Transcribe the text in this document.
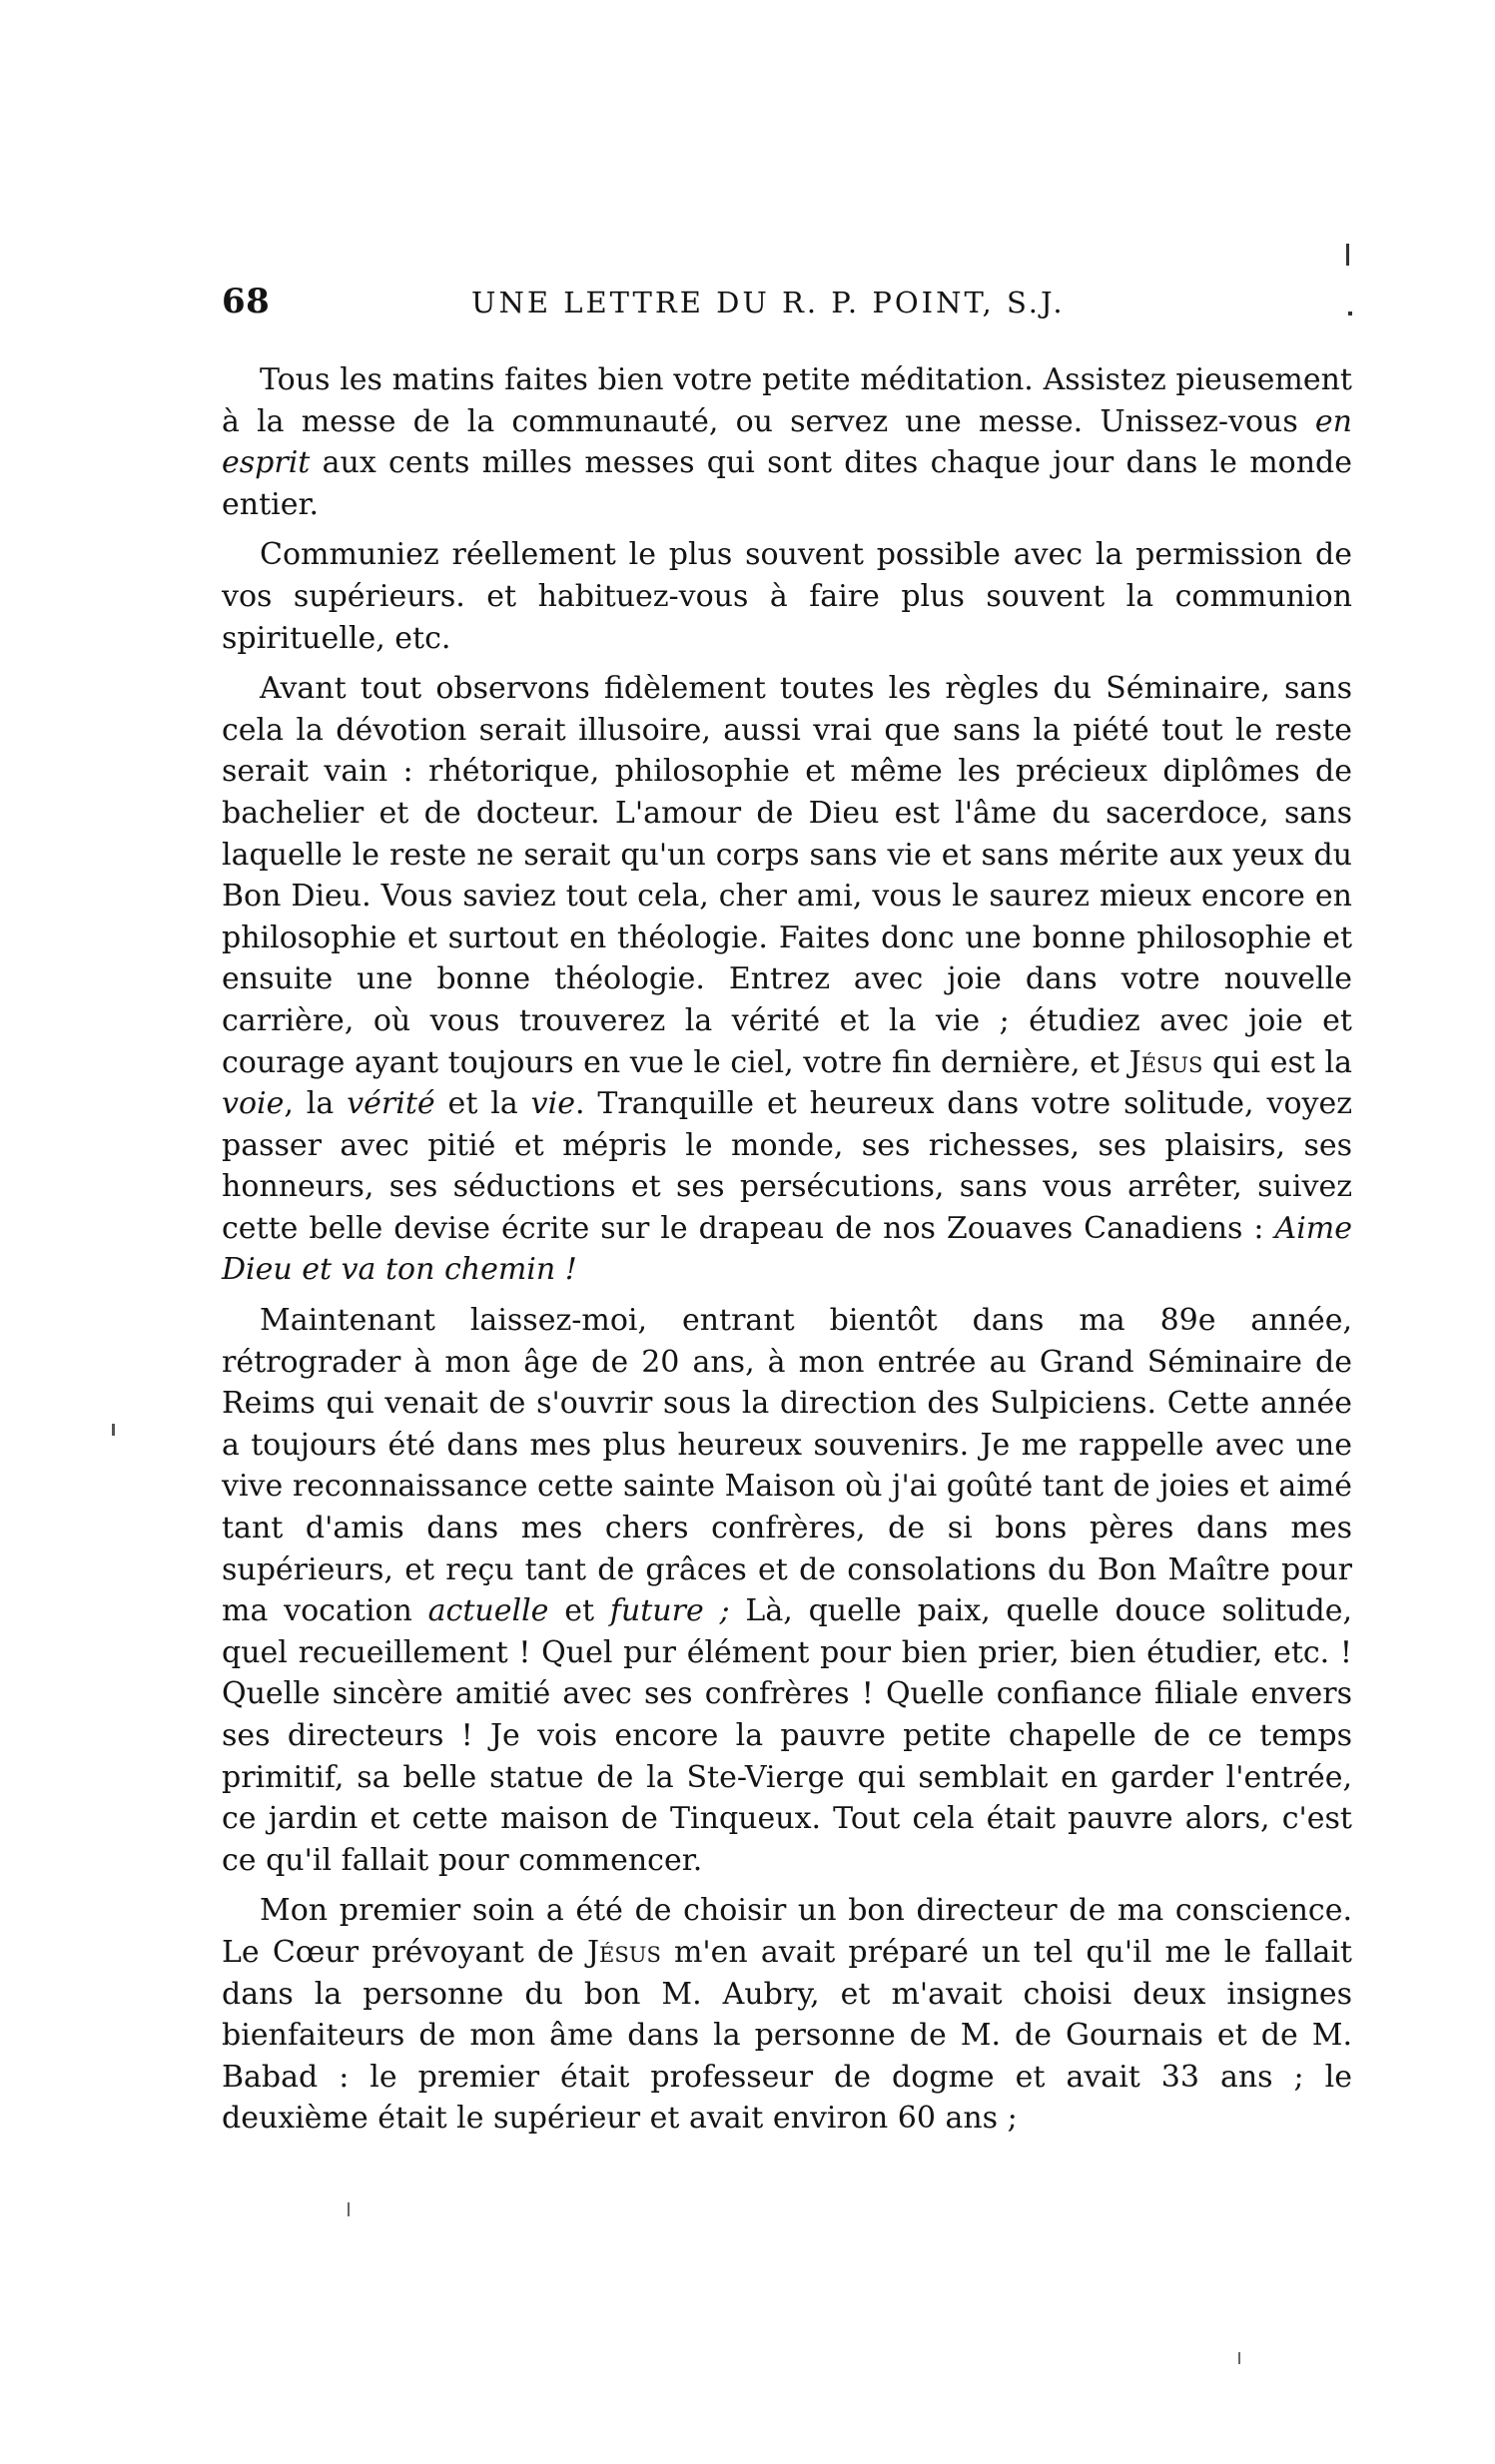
68	UNE LETTRE DU R. P. POINT, S.J.

Tous les matins faites bien votre petite méditation. Assistez pieusement à la messe de la communauté, ou servez une messe. Unissez-vous en esprit aux cents milles messes qui sont dites chaque jour dans le monde entier.

Communiez réellement le plus souvent possible avec la permission de vos supérieurs. et habituez-vous à faire plus souvent la communion spirituelle, etc.

Avant tout observons fidèlement toutes les règles du Séminaire, sans cela la dévotion serait illusoire, aussi vrai que sans la piété tout le reste serait vain : rhétorique, philosophie et même les précieux diplômes de bachelier et de docteur. L'amour de Dieu est l'âme du sacerdoce, sans laquelle le reste ne serait qu'un corps sans vie et sans mérite aux yeux du Bon Dieu. Vous saviez tout cela, cher ami, vous le saurez mieux encore en philosophie et surtout en théologie. Faites donc une bonne philosophie et ensuite une bonne théologie. Entrez avec joie dans votre nouvelle carrière, où vous trouverez la vérité et la vie ; étudiez avec joie et courage ayant toujours en vue le ciel, votre fin dernière, et Jésus qui est la voie, la vérité et la vie. Tranquille et heureux dans votre solitude, voyez passer avec pitié et mépris le monde, ses richesses, ses plaisirs, ses honneurs, ses séductions et ses persécutions, sans vous arrêter, suivez cette belle devise écrite sur le drapeau de nos Zouaves Canadiens : Aime Dieu et va ton chemin !

Maintenant laissez-moi, entrant bientôt dans ma 89e année, rétrograder à mon âge de 20 ans, à mon entrée au Grand Séminaire de Reims qui venait de s'ouvrir sous la direction des Sulpiciens. Cette année a toujours été dans mes plus heureux souvenirs. Je me rappelle avec une vive reconnaissance cette sainte Maison où j'ai goûté tant de joies et aimé tant d'amis dans mes chers confrères, de si bons pères dans mes supérieurs, et reçu tant de grâces et de consolations du Bon Maître pour ma vocation actuelle et future ; Là, quelle paix, quelle douce solitude, quel recueillement ! Quel pur élément pour bien prier, bien étudier, etc. ! Quelle sincère amitié avec ses confrères ! Quelle confiance filiale envers ses directeurs ! Je vois encore la pauvre petite chapelle de ce temps primitif, sa belle statue de la Ste-Vierge qui semblait en garder l'entrée, ce jardin et cette maison de Tinqueux. Tout cela était pauvre alors, c'est ce qu'il fallait pour commencer.

Mon premier soin a été de choisir un bon directeur de ma conscience. Le Cœur prévoyant de Jésus m'en avait préparé un tel qu'il me le fallait dans la personne du bon M. Aubry, et m'avait choisi deux insignes bienfaiteurs de mon âme dans la personne de M. de Gournais et de M. Babad : le premier était professeur de dogme et avait 33 ans ; le deuxième était le supérieur et avait environ 60 ans ;
